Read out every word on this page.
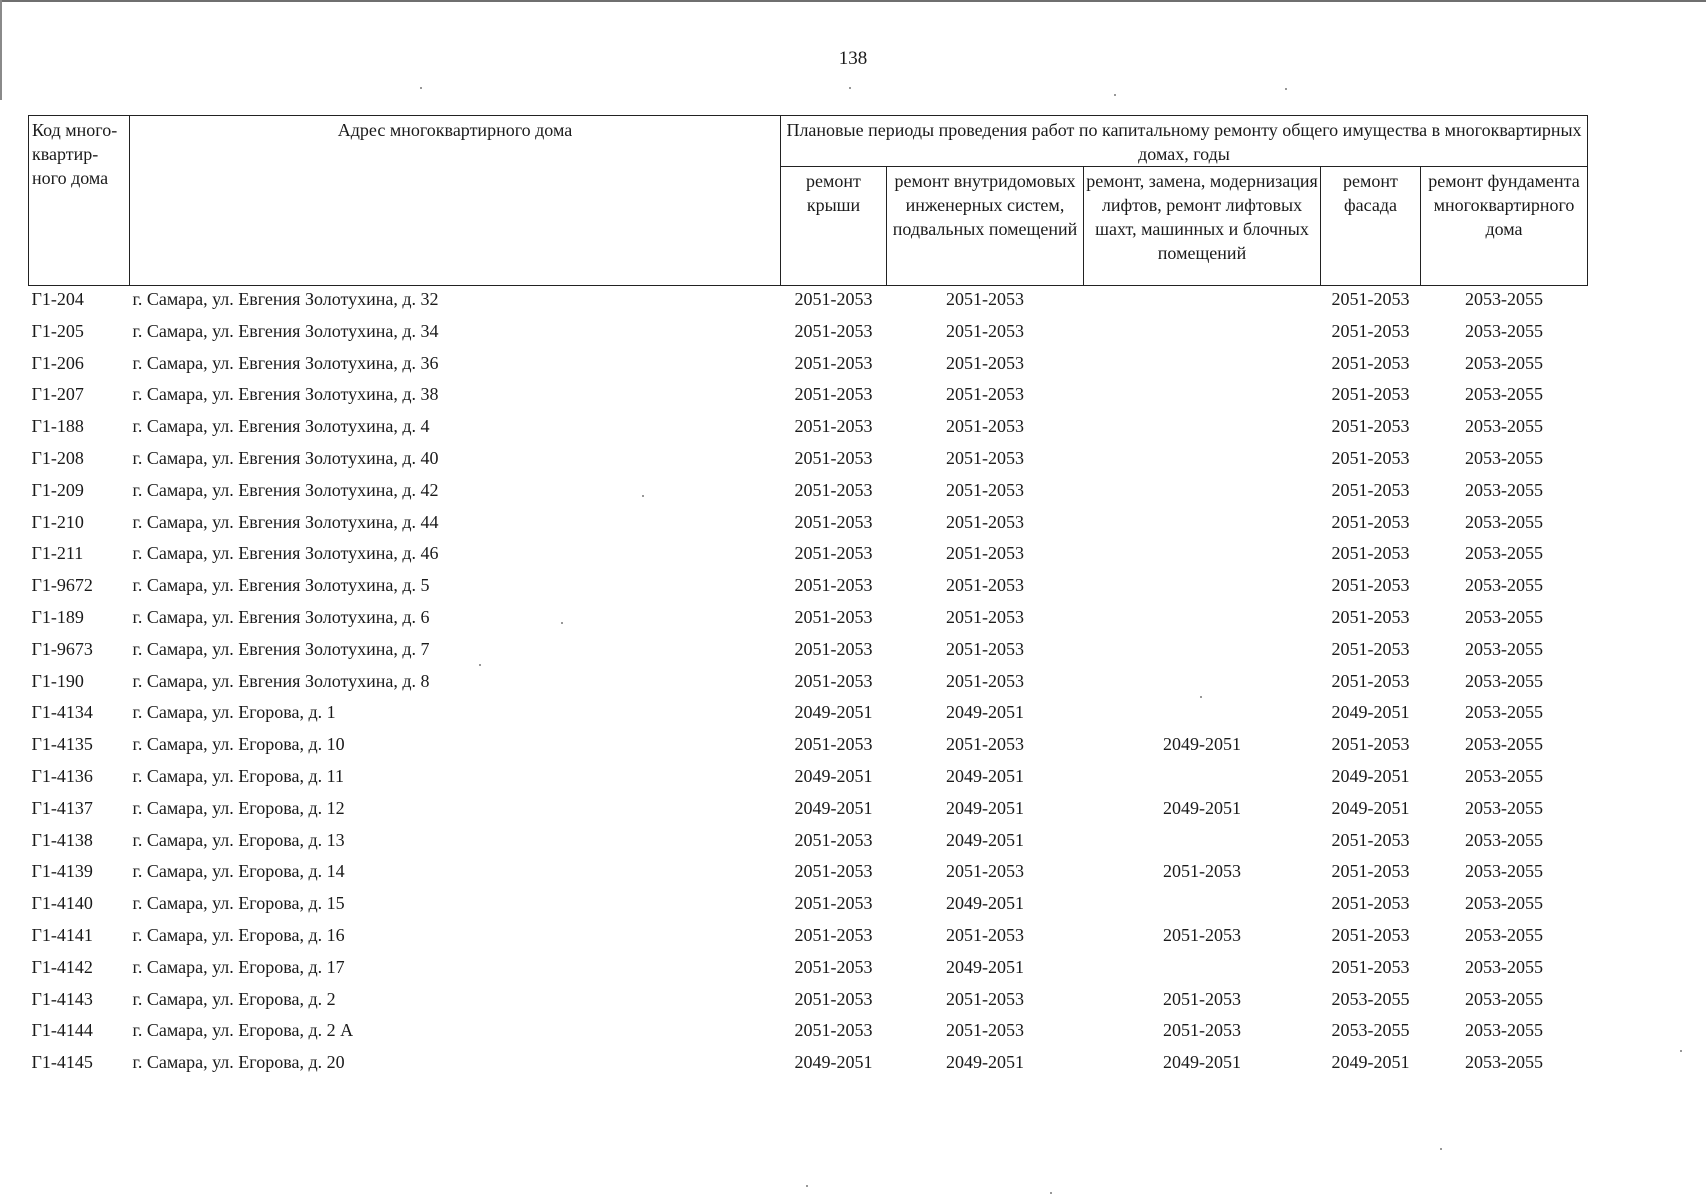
138
Код много-квартир-ного дома	Адрес многоквартирного дома	Плановые периоды проведения работ по капитальному ремонту общего имущества в многоквартирных домах, годы				
		ремонт крыши	ремонт внутридомовых инженерных систем, подвальных помещений	ремонт, замена, модернизация лифтов, ремонт лифтовых шахт, машинных и блочных помещений	ремонт фасада	ремонт фундамента многоквартирного дома
Г1-204	г. Самара, ул. Евгения Золотухина, д. 32	2051-2053	2051-2053		2051-2053	2053-2055
Г1-205	г. Самара, ул. Евгения Золотухина, д. 34	2051-2053	2051-2053		2051-2053	2053-2055
Г1-206	г. Самара, ул. Евгения Золотухина, д. 36	2051-2053	2051-2053		2051-2053	2053-2055
Г1-207	г. Самара, ул. Евгения Золотухина, д. 38	2051-2053	2051-2053		2051-2053	2053-2055
Г1-188	г. Самара, ул. Евгения Золотухина, д. 4	2051-2053	2051-2053		2051-2053	2053-2055
Г1-208	г. Самара, ул. Евгения Золотухина, д. 40	2051-2053	2051-2053		2051-2053	2053-2055
Г1-209	г. Самара, ул. Евгения Золотухина, д. 42	2051-2053	2051-2053		2051-2053	2053-2055
Г1-210	г. Самара, ул. Евгения Золотухина, д. 44	2051-2053	2051-2053		2051-2053	2053-2055
Г1-211	г. Самара, ул. Евгения Золотухина, д. 46	2051-2053	2051-2053		2051-2053	2053-2055
Г1-9672	г. Самара, ул. Евгения Золотухина, д. 5	2051-2053	2051-2053		2051-2053	2053-2055
Г1-189	г. Самара, ул. Евгения Золотухина, д. 6	2051-2053	2051-2053		2051-2053	2053-2055
Г1-9673	г. Самара, ул. Евгения Золотухина, д. 7	2051-2053	2051-2053		2051-2053	2053-2055
Г1-190	г. Самара, ул. Евгения Золотухина, д. 8	2051-2053	2051-2053		2051-2053	2053-2055
Г1-4134	г. Самара, ул. Егорова, д. 1	2049-2051	2049-2051		2049-2051	2053-2055
Г1-4135	г. Самара, ул. Егорова, д. 10	2051-2053	2051-2053	2049-2051	2051-2053	2053-2055
Г1-4136	г. Самара, ул. Егорова, д. 11	2049-2051	2049-2051		2049-2051	2053-2055
Г1-4137	г. Самара, ул. Егорова, д. 12	2049-2051	2049-2051	2049-2051	2049-2051	2053-2055
Г1-4138	г. Самара, ул. Егорова, д. 13	2051-2053	2049-2051		2051-2053	2053-2055
Г1-4139	г. Самара, ул. Егорова, д. 14	2051-2053	2051-2053	2051-2053	2051-2053	2053-2055
Г1-4140	г. Самара, ул. Егорова, д. 15	2051-2053	2049-2051		2051-2053	2053-2055
Г1-4141	г. Самара, ул. Егорова, д. 16	2051-2053	2051-2053	2051-2053	2051-2053	2053-2055
Г1-4142	г. Самара, ул. Егорова, д. 17	2051-2053	2049-2051		2051-2053	2053-2055
Г1-4143	г. Самара, ул. Егорова, д. 2	2051-2053	2051-2053	2051-2053	2053-2055	2053-2055
Г1-4144	г. Самара, ул. Егорова, д. 2 А	2051-2053	2051-2053	2051-2053	2053-2055	2053-2055
Г1-4145	г. Самара, ул. Егорова, д. 20	2049-2051	2049-2051	2049-2051	2049-2051	2053-2055
